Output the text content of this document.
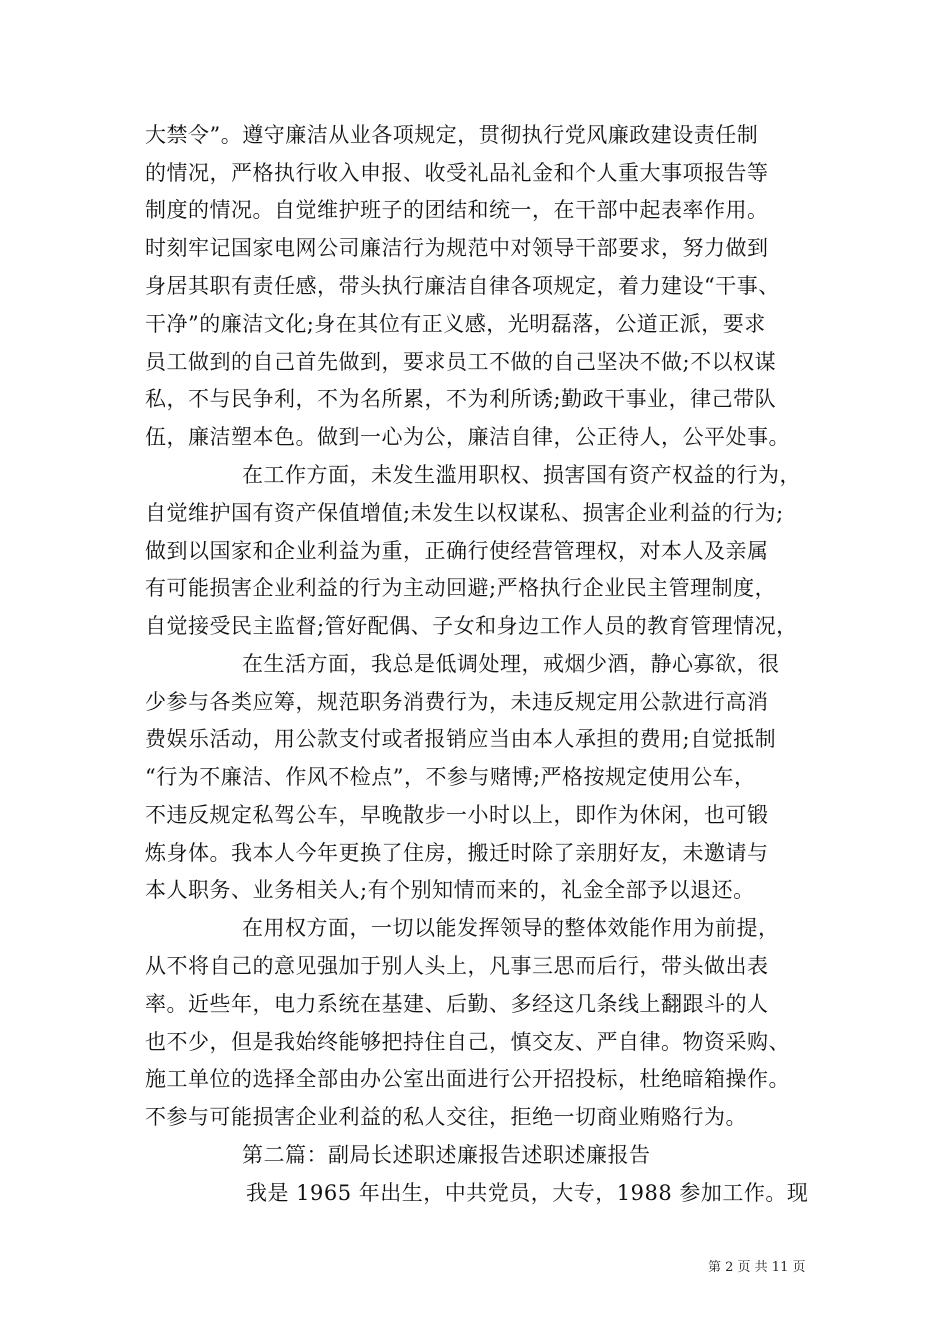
大禁令”。遵守廉洁从业各项规定，贯彻执行党风廉政建设责任制
的情况，严格执行收入申报、收受礼品礼金和个人重大事项报告等
制度的情况。自觉维护班子的团结和统一，在干部中起表率作用。
时刻牢记国家电网公司廉洁行为规范中对领导干部要求，努力做到
身居其职有责任感，带头执行廉洁自律各项规定，着力建设“干事、
干净”的廉洁文化;身在其位有正义感，光明磊落，公道正派，要求
员工做到的自己首先做到，要求员工不做的自己坚决不做;不以权谋
私，不与民争利，不为名所累，不为利所诱;勤政干事业，律己带队
伍，廉洁塑本色。做到一心为公，廉洁自律，公正待人，公平处事。
在工作方面，未发生滥用职权、损害国有资产权益的行为，
自觉维护国有资产保值增值;未发生以权谋私、损害企业利益的行为;
做到以国家和企业利益为重，正确行使经营管理权，对本人及亲属
有可能损害企业利益的行为主动回避;严格执行企业民主管理制度，
自觉接受民主监督;管好配偶、子女和身边工作人员的教育管理情况，
在生活方面，我总是低调处理，戒烟少酒，静心寡欲，很
少参与各类应筹，规范职务消费行为，未违反规定用公款进行高消
费娱乐活动，用公款支付或者报销应当由本人承担的费用;自觉抵制
“行为不廉洁、作风不检点”，不参与赌博;严格按规定使用公车，
不违反规定私驾公车，早晚散步一小时以上，即作为休闲，也可锻
炼身体。我本人今年更换了住房，搬迁时除了亲朋好友，未邀请与
本人职务、业务相关人;有个别知情而来的，礼金全部予以退还。
在用权方面，一切以能发挥领导的整体效能作用为前提，
从不将自己的意见强加于别人头上，凡事三思而后行，带头做出表
率。近些年，电力系统在基建、后勤、多经这几条线上翻跟斗的人
也不少，但是我始终能够把持住自己，慎交友、严自律。物资采购、
施工单位的选择全部由办公室出面进行公开招投标，杜绝暗箱操作。
不参与可能损害企业利益的私人交往，拒绝一切商业贿赂行为。
第二篇：副局长述职述廉报告述职述廉报告
我是 1965 年出生，中共党员，大专，1988 参加工作。现
第 2 页 共 11 页
